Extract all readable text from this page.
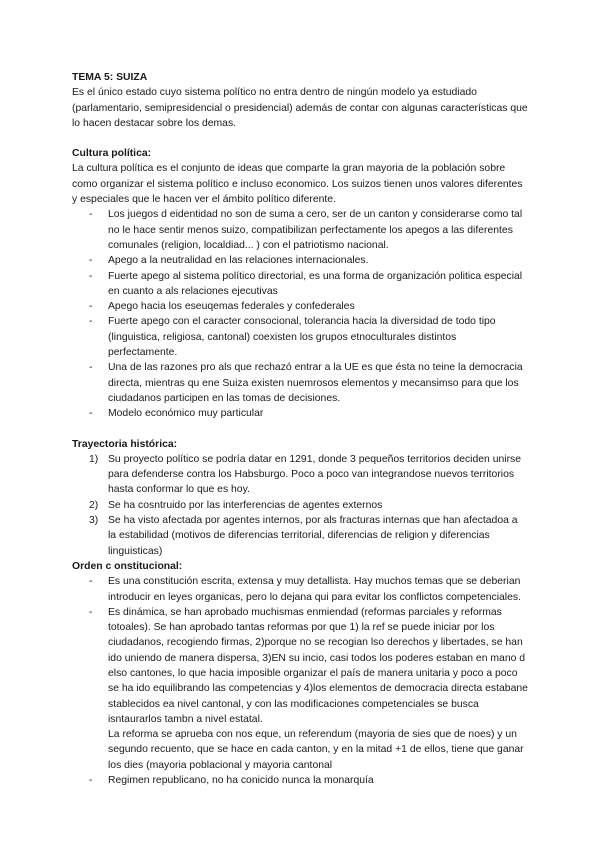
TEMA 5: SUIZA

Es el único estado cuyo sistema político no entra dentro de ningún modelo ya estudiado (parlamentario, semipresidencial o presidencial) además de contar con algunas características que lo hacen destacar sobre los demas.

Cultura política:

La cultura política es el conjunto de ideas que comparte la gran mayoria de la población sobre como organizar el sistema político e incluso economico. Los suizos tienen unos valores diferentes y especiales que le hacen ver el ámbito político diferente.

- Los juegos d eidentidad no son de suma a cero, ser de un canton y considerarse como tal no le hace sentir menos suizo, compatibilizan perfectamente los apegos a las diferentes comunales (religion, localdiad... ) con el patriotismo nacional.
- Apego a la neutralidad en las relaciones internacionales.
- Fuerte apego al sistema político directorial, es una forma de organización politica especial en cuanto a als relaciones ejecutivas
- Apego hacia los eseuqemas federales y confederales
- Fuerte apego con el caracter consocional, tolerancia hacia la diversidad de todo tipo (linguistica, religiosa, cantonal) coexisten los grupos etnoculturales distintos perfectamente.
- Una de las razones pro als que rechazó entrar a la UE es que ésta no teine la democracia directa, mientras qu ene Suiza existen nuemrosos elementos y mecansimso para que los ciudadanos participen en las tomas de decisiones.
- Modelo económico muy particular
Trayectoria histórica:
1) Su proyecto político se podría datar en 1291, donde 3 pequeños territorios deciden unirse para defenderse contra los Habsburgo. Poco a poco van integrandose nuevos territorios hasta conformar lo que es hoy.
2) Se ha cosntruido por las interferencias de agentes externos
3) Se ha visto afectada por agentes internos, por als fracturas internas que han afectadoa a la estabilidad (motivos de diferencias territorial, diferencias de religion y diferencias linguisticas)
Orden c onstitucional:
- Es una constitución escrita, extensa y muy detallista. Hay muchos temas que se deberian introducir en leyes organicas, pero lo dejana qui para evitar los conflictos competenciales.
- Es dinámica, se han aprobado muchismas enmiendad (reformas parciales y reformas totoales). Se han aprobado tantas reformas por que 1) la ref se puede iniciar por los ciudadanos, recogiendo firmas, 2)porque no se recogian lso derechos y libertades, se han ido uniendo de manera dispersa, 3)EN su incio, casi todos los poderes estaban en mano d elso cantones, lo que hacia imposible organizar el país de manera unitaria y poco a poco se ha ido equilibrando las competencias y 4)los elementos de democracia directa estabane stablecidos ea nivel cantonal, y con las modificaciones competenciales se busca isntaurarlos tambn a nivel estatal.
La reforma se aprueba con nos eque, un referendum (mayoria de sies que de noes) y un segundo recuento, que se hace en cada canton, y en la mitad +1 de ellos, tiene que ganar los dies (mayoria poblacional y mayoria cantonal
- Regimen republicano, no ha conicido nunca la monarquía
